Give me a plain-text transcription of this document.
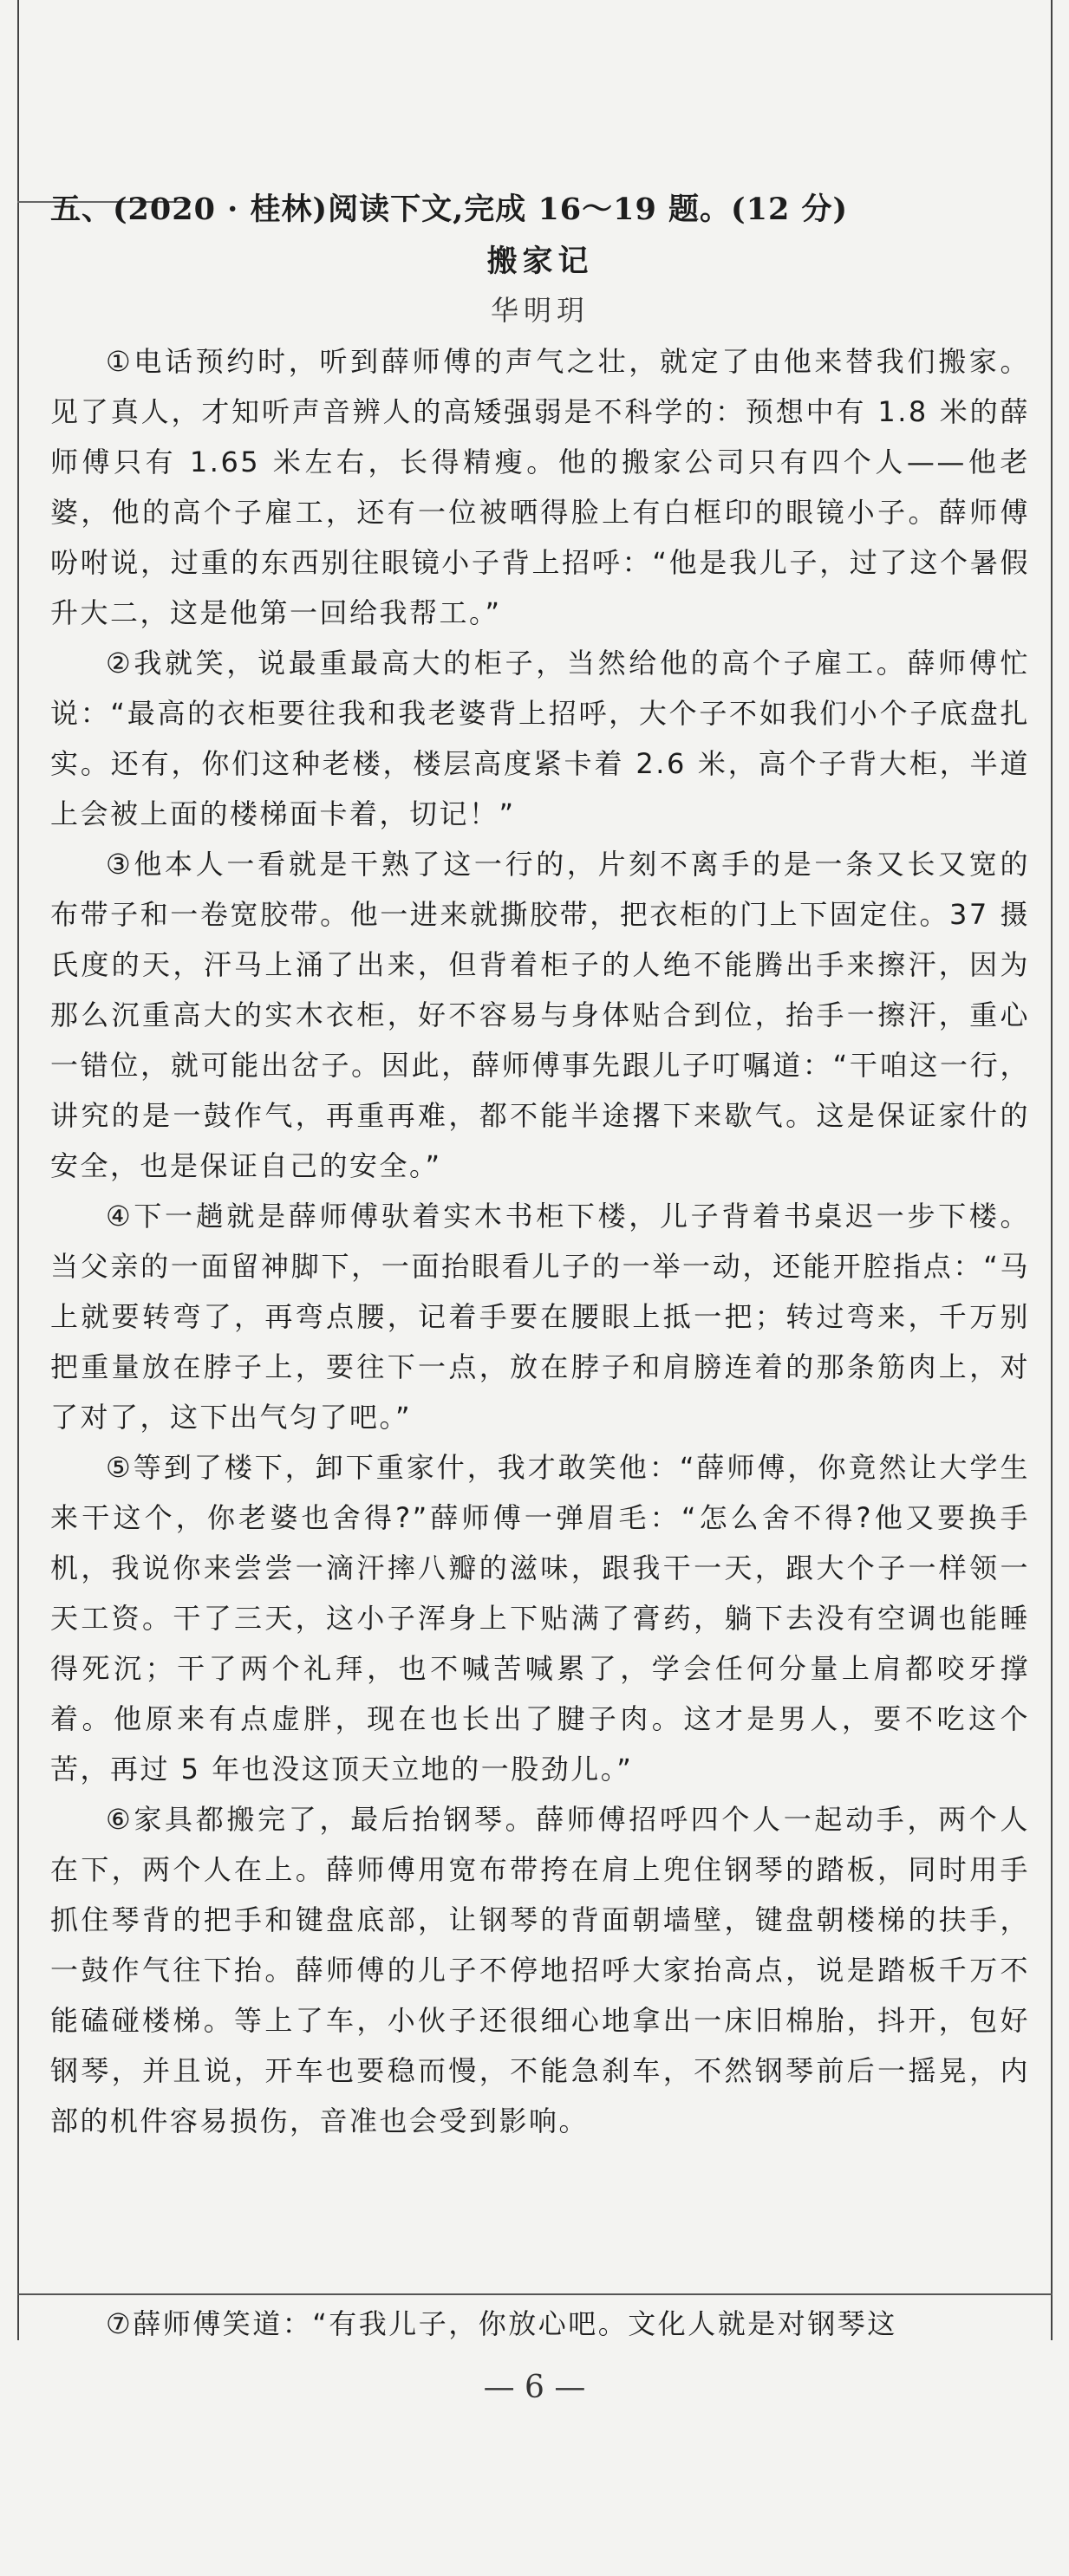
五、(2020 · 桂林)阅读下文,完成 16～19 题。(12 分)
搬家记
华明玥

①电话预约时，听到薛师傅的声气之壮，就定了由他来替我们搬家。见了真人，才知听声音辨人的高矮强弱是不科学的：预想中有 1.8 米的薛师傅只有 1.65 米左右，长得精瘦。他的搬家公司只有四个人——他老婆，他的高个子雇工，还有一位被晒得脸上有白框印的眼镜小子。薛师傅吩咐说，过重的东西别往眼镜小子背上招呼：“他是我儿子，过了这个暑假升大二，这是他第一回给我帮工。”

②我就笑，说最重最高大的柜子，当然给他的高个子雇工。薛师傅忙说：“最高的衣柜要往我和我老婆背上招呼，大个子不如我们小个子底盘扎实。还有，你们这种老楼，楼层高度紧卡着 2.6 米，高个子背大柜，半道上会被上面的楼梯面卡着，切记！”

③他本人一看就是干熟了这一行的，片刻不离手的是一条又长又宽的布带子和一卷宽胶带。他一进来就撕胶带，把衣柜的门上下固定住。37 摄氏度的天，汗马上涌了出来，但背着柜子的人绝不能腾出手来擦汗，因为那么沉重高大的实木衣柜，好不容易与身体贴合到位，抬手一擦汗，重心一错位，就可能出岔子。因此，薛师傅事先跟儿子叮嘱道：“干咱这一行，讲究的是一鼓作气，再重再难，都不能半途撂下来歇气。这是保证家什的安全，也是保证自己的安全。”

④下一趟就是薛师傅驮着实木书柜下楼，儿子背着书桌迟一步下楼。当父亲的一面留神脚下，一面抬眼看儿子的一举一动，还能开腔指点：“马上就要转弯了，再弯点腰，记着手要在腰眼上抵一把；转过弯来，千万别把重量放在脖子上，要往下一点，放在脖子和肩膀连着的那条筋肉上，对了对了，这下出气匀了吧。”

⑤等到了楼下，卸下重家什，我才敢笑他：“薛师傅，你竟然让大学生来干这个，你老婆也舍得?”薛师傅一弹眉毛：“怎么舍不得?他又要换手机，我说你来尝尝一滴汗摔八瓣的滋味，跟我干一天，跟大个子一样领一天工资。干了三天，这小子浑身上下贴满了膏药，躺下去没有空调也能睡得死沉；干了两个礼拜，也不喊苦喊累了，学会任何分量上肩都咬牙撑着。他原来有点虚胖，现在也长出了腱子肉。这才是男人，要不吃这个苦，再过 5 年也没这顶天立地的一股劲儿。”

⑥家具都搬完了，最后抬钢琴。薛师傅招呼四个人一起动手，两个人在下，两个人在上。薛师傅用宽布带挎在肩上兜住钢琴的踏板，同时用手抓住琴背的把手和键盘底部，让钢琴的背面朝墙壁，键盘朝楼梯的扶手，一鼓作气往下抬。薛师傅的儿子不停地招呼大家抬高点，说是踏板千万不能磕碰楼梯。等上了车，小伙子还很细心地拿出一床旧棉胎，抖开，包好钢琴，并且说，开车也要稳而慢，不能急刹车，不然钢琴前后一摇晃，内部的机件容易损伤，音准也会受到影响。

⑦薛师傅笑道：“有我儿子，你放心吧。文化人就是对钢琴这

— 6 —
